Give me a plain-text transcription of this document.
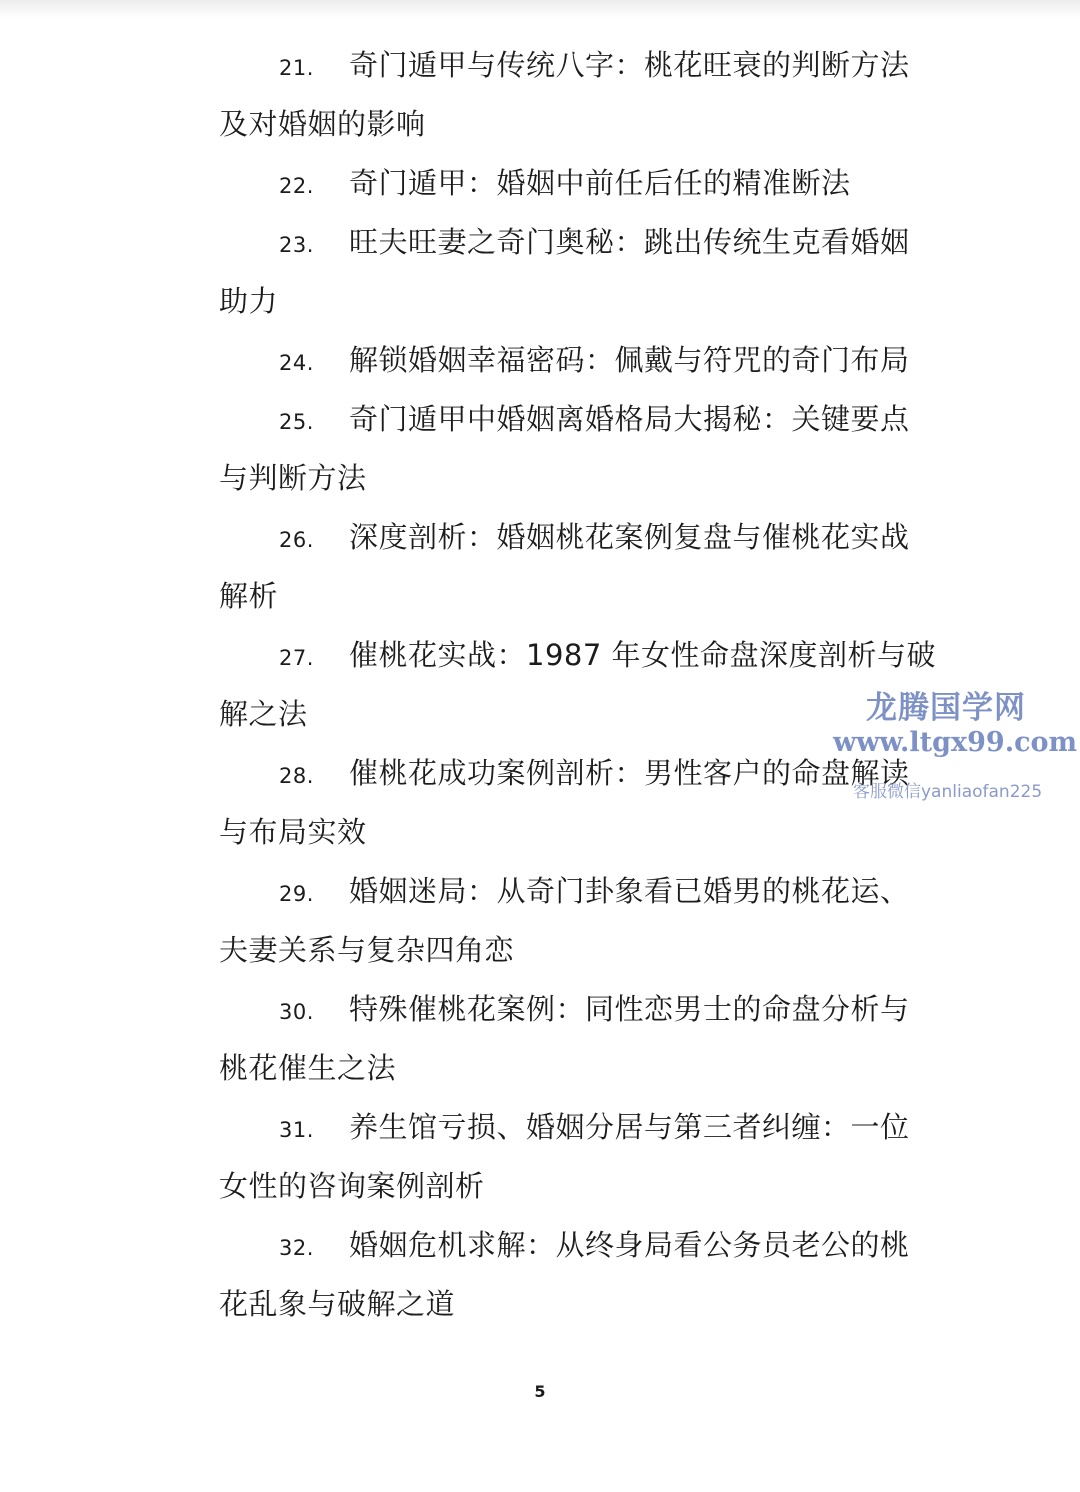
21. 奇门遁甲与传统八字：桃花旺衰的判断方法
及对婚姻的影响
22. 奇门遁甲：婚姻中前任后任的精准断法
23. 旺夫旺妻之奇门奥秘：跳出传统生克看婚姻
助力
24. 解锁婚姻幸福密码：佩戴与符咒的奇门布局
25. 奇门遁甲中婚姻离婚格局大揭秘：关键要点
与判断方法
26. 深度剖析：婚姻桃花案例复盘与催桃花实战
解析
27. 催桃花实战：1987 年女性命盘深度剖析与破
解之法
28. 催桃花成功案例剖析：男性客户的命盘解读
与布局实效
29. 婚姻迷局：从奇门卦象看已婚男的桃花运、
夫妻关系与复杂四角恋
30. 特殊催桃花案例：同性恋男士的命盘分析与
桃花催生之法
31. 养生馆亏损、婚姻分居与第三者纠缠：一位
女性的咨询案例剖析
32. 婚姻危机求解：从终身局看公务员老公的桃
花乱象与破解之道
5
龙腾国学网
www.ltgx99.com
客服微信yanliaofan225
